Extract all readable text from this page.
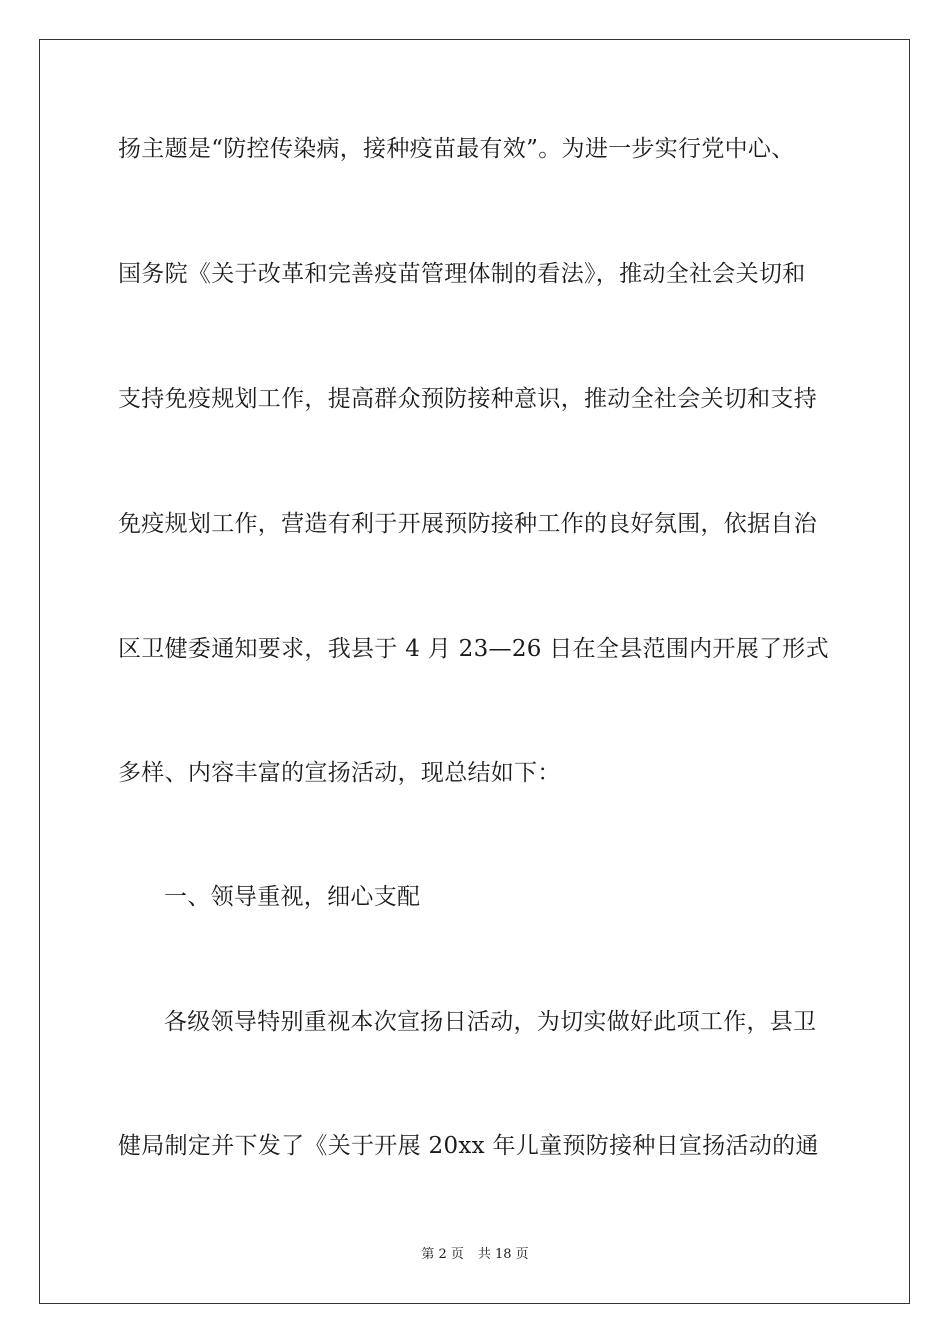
扬主题是“防控传染病，接种疫苗最有效”。为进一步实行党中心、
国务院《关于改革和完善疫苗管理体制的看法》，推动全社会关切和
支持免疫规划工作，提高群众预防接种意识，推动全社会关切和支持
免疫规划工作，营造有利于开展预防接种工作的良好氛围，依据自治
区卫健委通知要求，我县于 4 月 23—26 日在全县范围内开展了形式
多样、内容丰富的宣扬活动，现总结如下：
一、领导重视，细心支配
各级领导特别重视本次宣扬日活动，为切实做好此项工作，县卫
健局制定并下发了《关于开展 20xx 年儿童预防接种日宣扬活动的通
第 2 页 共 18 页
